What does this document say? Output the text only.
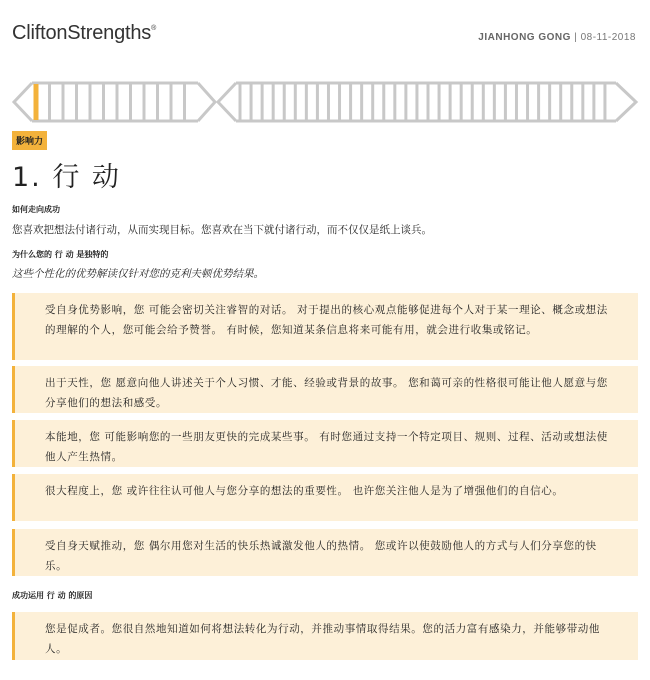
CliftonStrengths®
JIANHONG GONG | 08-11-2018
影响力
1. 行 动
如何走向成功
您喜欢把想法付诸行动，从而实现目标。您喜欢在当下就付诸行动，而不仅仅是纸上谈兵。
为什么您的 行 动 是独特的
这些个性化的优势解读仅针对您的克利夫顿优势结果。
受自身优势影响，您 可能会密切关注睿智的对话。 对于提出的核心观点能够促进每个人对于某一理论、概念或想法的理解的个人，您可能会给予赞誉。 有时候，您知道某条信息将来可能有用，就会进行收集或铭记。
出于天性，您 愿意向他人讲述关于个人习惯、才能、经验或背景的故事。 您和蔼可亲的性格很可能让他人愿意与您分享他们的想法和感受。
本能地，您 可能影响您的一些朋友更快的完成某些事。 有时您通过支持一个特定项目、规则、过程、活动或想法使他人产生热情。
很大程度上，您 或许往往认可他人与您分享的想法的重要性。 也许您关注他人是为了增强他们的自信心。
受自身天赋推动，您 偶尔用您对生活的快乐热诚激发他人的热情。 您或许以使鼓励他人的方式与人们分享您的快乐。
成功运用 行 动 的原因
您是促成者。您很自然地知道如何将想法转化为行动，并推动事情取得结果。您的活力富有感染力，并能够带动他人。
